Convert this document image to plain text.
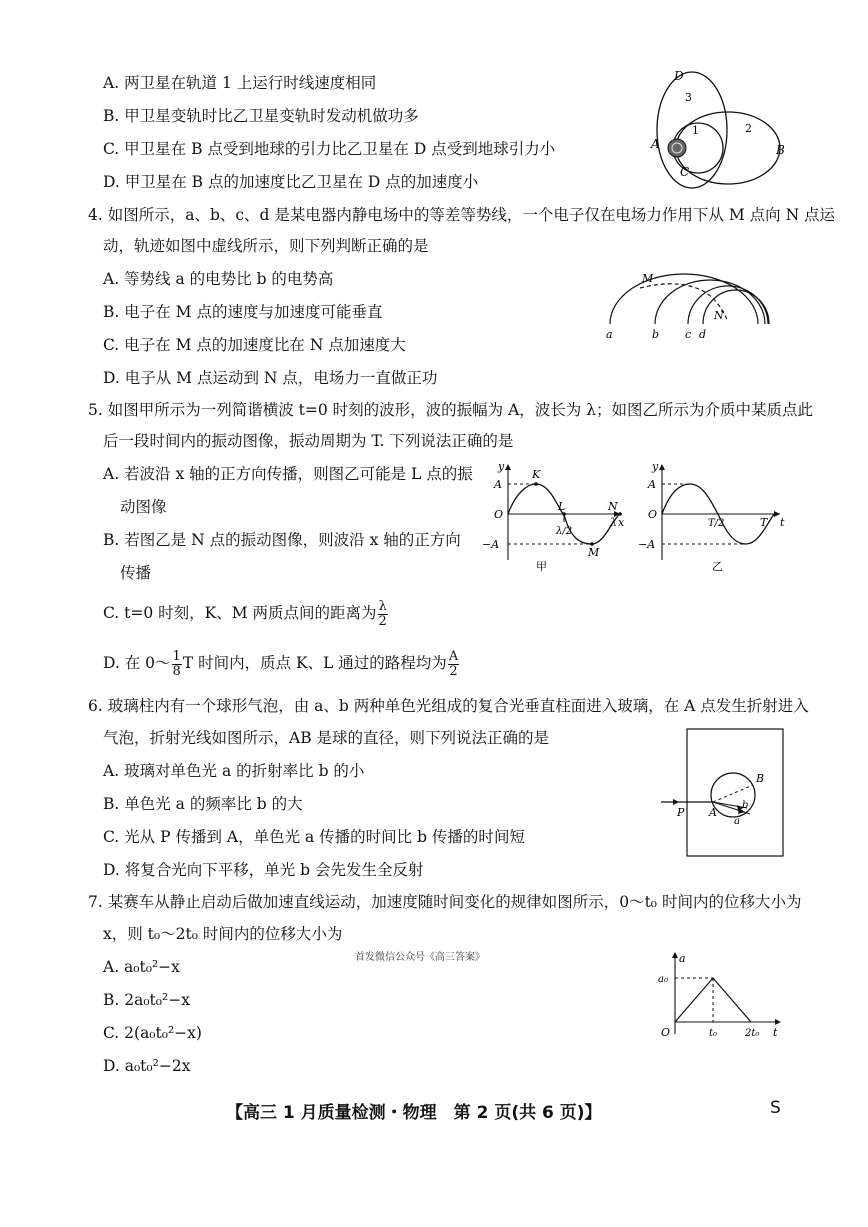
A. 两卫星在轨道 1 上运行时线速度相同
B. 甲卫星变轨时比乙卫星变轨时发动机做功多
C. 甲卫星在 B 点受到地球的引力比乙卫星在 D 点受到地球引力小
D. 甲卫星在 B 点的加速度比乙卫星在 D 点的加速度小
D
3
1	2
A	B
C
4. 如图所示，a、b、c、d 是某电器内静电场中的等差等势线，一个电子仅在电场力作用下从 M 点向 N 点运
动，轨迹如图中虚线所示，则下列判断正确的是
A. 等势线 a 的电势比 b 的电势高
B. 电子在 M 点的速度与加速度可能垂直
C. 电子在 M 点的加速度比在 N 点加速度大
D. 电子从 M 点运动到 N 点，电场力一直做正功
M
N
a	b c d
5. 如图甲所示为一列简谐横波 t=0 时刻的波形，波的振幅为 A，波长为 λ；如图乙所示为介质中某质点此
后一段时间内的振动图像，振动周期为 T. 下列说法正确的是
A. 若波沿 x 轴的正方向传播，则图乙可能是 L 点的振
动图像
B. 若图乙是 N 点的振动图像，则波沿 x 轴的正方向
传播
C. t=0 时刻，K、M 两质点间的距离为 $\frac{\lambda}{2}$
D. 在 0～ $\frac{1}{8}$ T 时间内，质点 K、L 通过的路程均为 $\frac{A}{2}$
y
x
A
−A
O
K
L
M
N
λ
λ/2
甲
y
t
A
−A
O
T
T/2
乙
6. 玻璃柱内有一个球形气泡，由 a、b 两种单色光组成的复合光垂直柱面进入玻璃，在 A 点发生折射进入
气泡，折射光线如图所示，AB 是球的直径，则下列说法正确的是
A. 玻璃对单色光 a 的折射率比 b 的小
B. 单色光 a 的频率比 b 的大
C. 光从 P 传播到 A，单色光 a 传播的时间比 b 传播的时间短
D. 将复合光向下平移，单光 b 会先发生全反射
P A
B
b
a
7. 某赛车从静止启动后做加速直线运动，加速度随时间变化的规律如图所示，0～t₀ 时间内的位移大小为
x，则 t₀～2t₀ 时间内的位移大小为
首发微信公众号《高三答案》
A. a₀t₀²−x
B. 2a₀t₀²−x
C. 2(a₀t₀²−x)
D. a₀t₀²−2x
a
a₀
O	t
t₀	2t₀
【高三 1 月质量检测・物理　第 2 页(共 6 页)】	S
